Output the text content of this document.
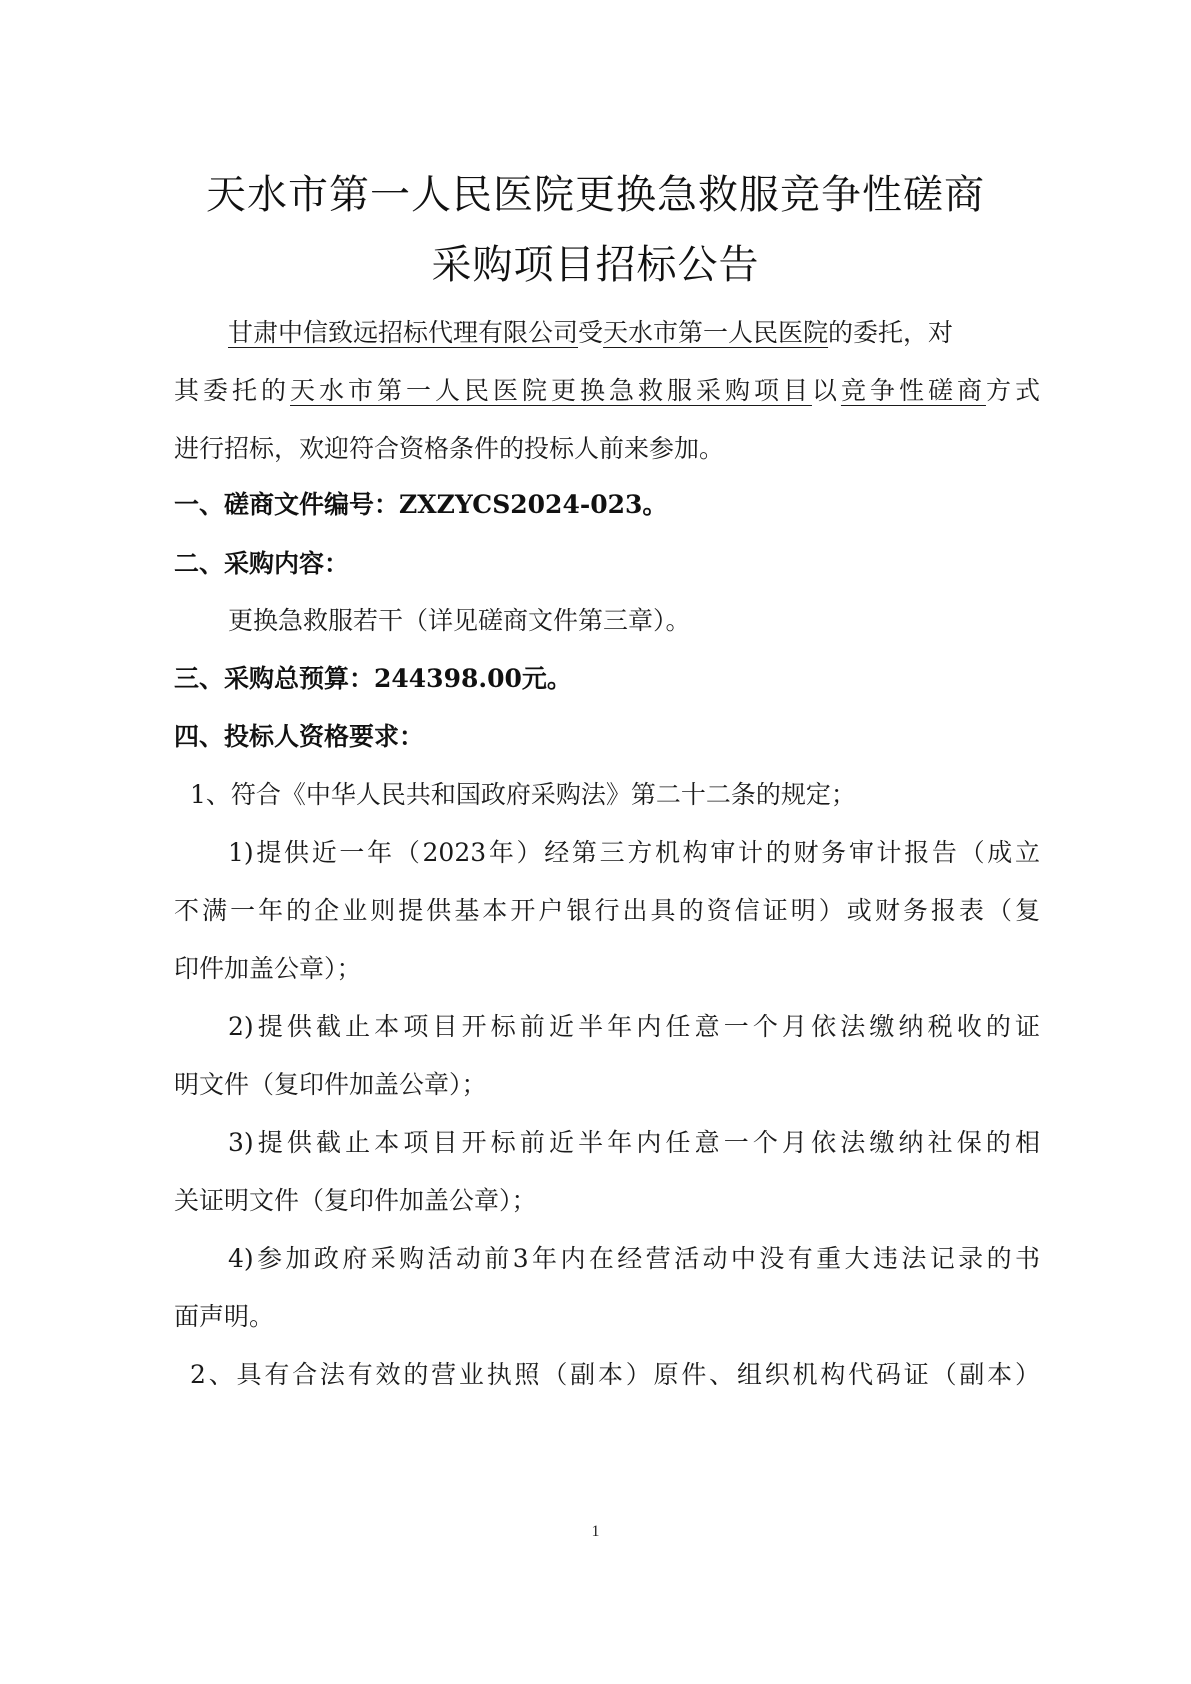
天水市第一人民医院更换急救服竞争性磋商
采购项目招标公告
甘肃中信致远招标代理有限公司受天水市第一人民医院的委托，对
其委托的天水市第一人民医院更换急救服采购项目以竞争性磋商方式
进行招标，欢迎符合资格条件的投标人前来参加。
一、磋商文件编号：ZXZYCS2024-023。
二、采购内容：
更换急救服若干（详见磋商文件第三章）。
三、采购总预算：244398.00元。
四、投标人资格要求：
1、符合《中华人民共和国政府采购法》第二十二条的规定；
1)提供近一年（2023年）经第三方机构审计的财务审计报告（成立
不满一年的企业则提供基本开户银行出具的资信证明）或财务报表（复
印件加盖公章）；
2)提供截止本项目开标前近半年内任意一个月依法缴纳税收的证
明文件（复印件加盖公章）；
3)提供截止本项目开标前近半年内任意一个月依法缴纳社保的相
关证明文件（复印件加盖公章）；
4)参加政府采购活动前3年内在经营活动中没有重大违法记录的书
面声明。
2、具有合法有效的营业执照（副本）原件、组织机构代码证（副本）
1
